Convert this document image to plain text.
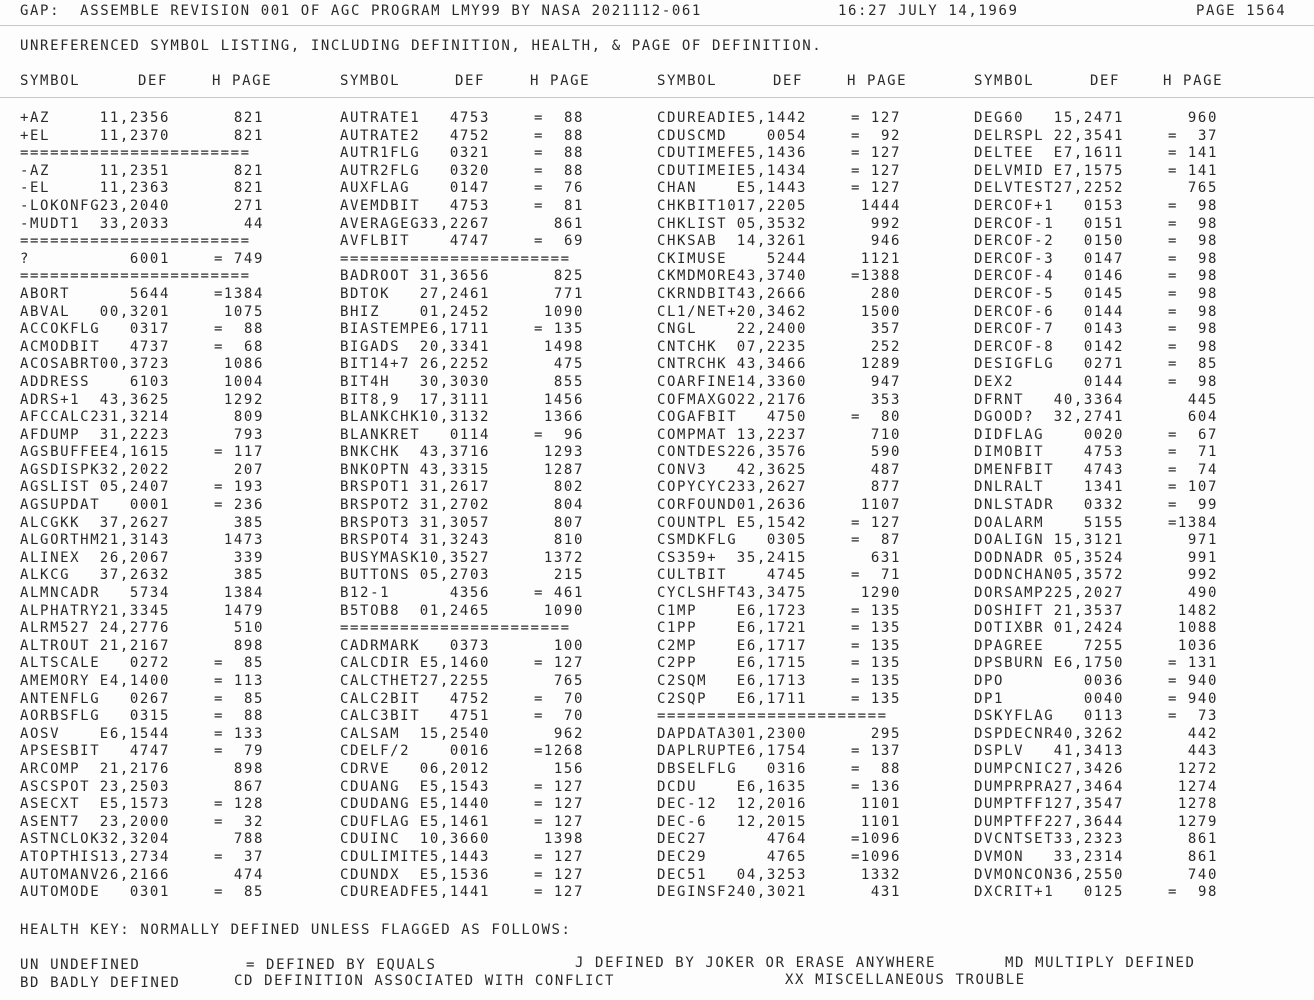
GAP:  ASSEMBLE REVISION 001 OF AGC PROGRAM LMY99 BY NASA 2021112-061	16:27 JULY 14,1969	PAGE 1564
UNREFERENCED SYMBOL LISTING, INCLUDING DEFINITION, HEALTH, & PAGE OF DEFINITION.
SYMBOL	DEF	H PAGE	SYMBOL	DEF	H PAGE	SYMBOL	DEF	H PAGE	SYMBOL	DEF	H PAGE
+AZ	11,2356	821
+EL	11,2370	821
=======================
-AZ	11,2351	821
-EL	11,2363	821
-LOKONFG 23,2040	271
-MUDT1 33,2033	44
=======================
?	6001	= 749
=======================
ABORT	5644	= 1384
ABVAL 00,3201	1075
ACCOKFLG 0317	= 88
ACMODBIT 4737	= 68
ACOSABRT 00,3723	1086
ADDRESS	6103	1004
ADRS+1 43,3625	1292
AFCCALC2 31,3214	809
AFDUMP 31,2223	793
AGSBUFFE E4,1615	= 117
AGSDISPK 32,2022	207
AGSLIST 05,2407	= 193
AGSUPDAT 0001	= 236
ALCGKK 37,2627	385
ALGORTHM 21,3143	1473
ALINEX 26,2067	339
ALKCG 37,2632	385
ALMNCADR 5734	1384
ALPHATRY 21,3345	1479
ALRM527 24,2776	510
ALTROUT 21,2167	898
ALTSCALE 0272	= 85
AMEMORY E4,1400	= 113
ANTENFLG 0267	= 85
AORBSFLG 0315	= 88
AOSV	E6,1544	= 133
APSESBIT 4747	= 79
ARCOMP 21,2176	898
ASCSPOT 23,2503	867
ASECXT E5,1573	= 128
ASENT7 23,2000	= 32
ASTNCLOK 32,3204	788
ATOPTHIS 13,2734	= 37
AUTOMANV 26,2166	474
AUTOMODE 0301	= 85
AUTRATE1 4753	= 88
AUTRATE2 4752	= 88
AUTR1FLG 0321	= 88
AUTR2FLG 0320	= 88
AUXFLAG	0147	= 76
AVEMDBIT 4753	= 81
AVERAGEG 33,2267	861
AVFLBIT	4747	= 69
=======================
BADROOT 31,3656	825
BDTOK 27,2461	771
BHIZ	01,2452	1090
BIASTEMP E6,1711	= 135
BIGADS 20,3341	1498
BIT14+7 26,2252	475
BIT4H 30,3030	855
BIT8,9 17,3111	1456
BLANKCHK 10,3132	1366
BLANKRET 0114	= 96
BNKCHK 43,3716	1293
BNKOPTN 43,3315	1287
BRSPOT1 31,2617	802
BRSPOT2 31,2702	804
BRSPOT3 31,3057	807
BRSPOT4 31,3243	810
BUSYMASK 10,3527	1372
BUTTONS 05,2703	215
B12-1	4356	= 461
B5TOB8 01,2465	1090
=======================
CADRMARK 0373	100
CALCDIR E5,1460	= 127
CALCTHET 27,2255	765
CALC2BIT 4752	= 70
CALC3BIT 4751	= 70
CALSAM 15,2540	962
CDELF/2	0016	= 1268
CDRVE 06,2012	156
CDUANG E5,1543	= 127
CDUDANG E5,1440	= 127
CDUFLAG E5,1461	= 127
CDUINC 10,3660	1398
CDULIMIT E5,1443	= 127
CDUNDX E5,1536	= 127
CDUREADF E5,1441	= 127
CDUREADI E5,1442	= 127
CDUSCMD	0054	= 92
CDUTIMEF E5,1436	= 127
CDUTIMEI E5,1434	= 127
CHAN	E5,1443	= 127
CHKBIT10 17,2205	1444
CHKLIST 05,3532	992
CHKSAB 14,3261	946
CKIMUSE	5244	1121
CKMDMORE 43,3740	= 1388
CKRNDBIT 43,2666	280
CL1/NET+ 20,3462	1500
CNGL	22,2400	357
CNTCHK 07,2235	252
CNTRCHK 43,3466	1289
COARFINE 14,3360	947
COFMAXGO 22,2176	353
COGAFBIT 4750	= 80
COMPMAT 13,2237	710
CONTDES2 26,3576	590
CONV3 42,3625	487
COPYCYC2 33,2627	877
CORFOUND 01,2636	1107
COUNTPL E5,1542	= 127
CSMDKFLG 0305	= 87
CS359+ 35,2415	631
CULTBIT	4745	= 71
CYCLSHFT 43,3475	1290
C1MP	E6,1723	= 135
C1PP	E6,1721	= 135
C2MP	E6,1717	= 135
C2PP	E6,1715	= 135
C2SQM E6,1713	= 135
C2SQP E6,1711	= 135
=======================
DAPDATA3 01,2300	295
DAPLRUPT E6,1754	= 137
DBSELFLG 0316	= 88
DCDU	E6,1635	= 136
DEC-12 12,2016	1101
DEC-6 12,2015	1101
DEC27	4764	= 1096
DEC29	4765	= 1096
DEC51 04,3253	1332
DEGINSF2 40,3021	431
DEG60 15,2471	960
DELRSPL 22,3541	= 37
DELTEE E7,1611	= 141
DELVMID E7,1575	= 141
DELVTEST 27,2252	765
DERCOF+1 0153	= 98
DERCOF-1 0151	= 98
DERCOF-2 0150	= 98
DERCOF-3 0147	= 98
DERCOF-4 0146	= 98
DERCOF-5 0145	= 98
DERCOF-6 0144	= 98
DERCOF-7 0143	= 98
DERCOF-8 0142	= 98
DESIGFLG 0271	= 85
DEX2	0144	= 98
DFRNT 40,3364	445
DGOOD? 32,2741	604
DIDFLAG	0020	= 67
DIMOBIT	4753	= 71
DMENFBIT 4743	= 74
DNLRALT	1341	= 107
DNLSTADR 0332	= 99
DOALARM	5155	= 1384
DOALIGN 15,3121	971
DODNADR 05,3524	991
DODNCHAN 05,3572	992
DORSAMP2 25,2027	490
DOSHIFT 21,3537	1482
DOTIXBR 01,2424	1088
DPAGREE	7255	1036
DPSBURN E6,1750	= 131
DPO	0036	= 940
DP1	0040	= 940
DSKYFLAG 0113	= 73
DSPDECNR 40,3262	442
DSPLV 41,3413	443
DUMPCNIC 27,3426	1272
DUMPRPRA 27,3464	1274
DUMPTFF1 27,3547	1278
DUMPTFF2 27,3644	1279
DVCNTSET 33,2323	861
DVMON 33,2314	861
DVMONCON 36,2550	740
DXCRIT+1 0125	= 98
HEALTH KEY: NORMALLY DEFINED UNLESS FLAGGED AS FOLLOWS:
UN UNDEFINED	= DEFINED BY EQUALS	J DEFINED BY JOKER OR ERASE ANYWHERE	MD MULTIPLY DEFINED
BD BADLY DEFINED	CD DEFINITION ASSOCIATED WITH CONFLICT	XX MISCELLANEOUS TROUBLE
